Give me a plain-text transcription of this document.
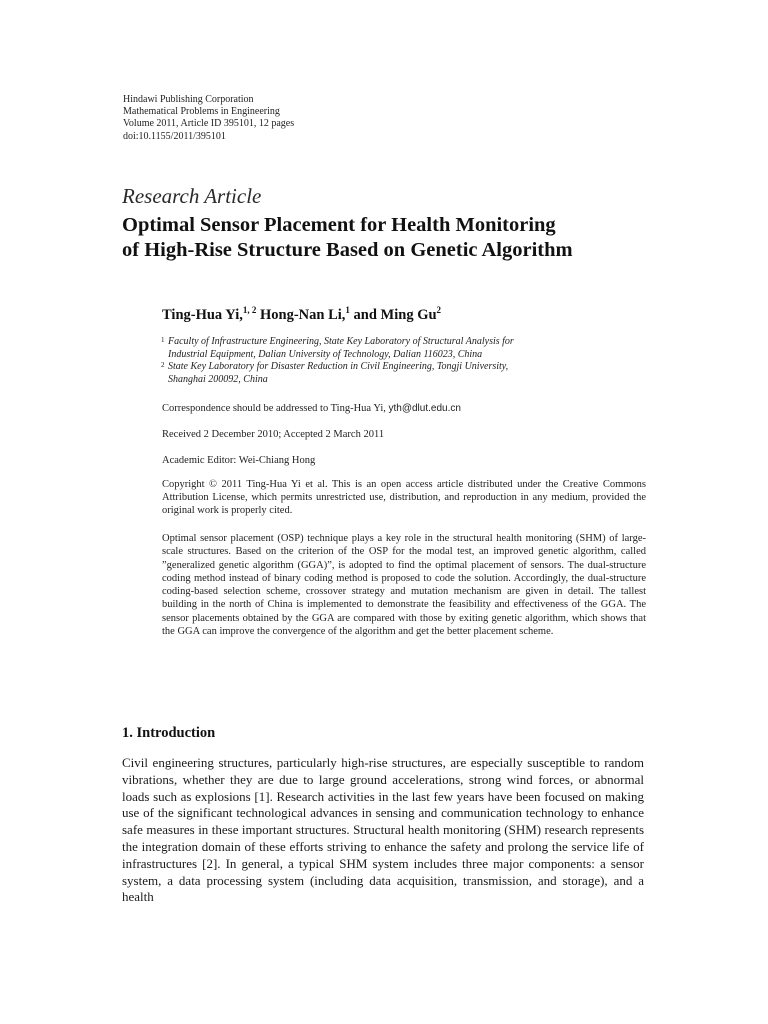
Hindawi Publishing Corporation
Mathematical Problems in Engineering
Volume 2011, Article ID 395101, 12 pages
doi:10.1155/2011/395101
Research Article
Optimal Sensor Placement for Health Monitoring
of High-Rise Structure Based on Genetic Algorithm
Ting-Hua Yi,$^{1, 2}$ Hong-Nan Li,$^1$ and Ming Gu$^2$
1 Faculty of Infrastructure Engineering, State Key Laboratory of Structural Analysis for
Industrial Equipment, Dalian University of Technology, Dalian 116023, China
2 State Key Laboratory for Disaster Reduction in Civil Engineering, Tongji University,
Shanghai 200092, China
Correspondence should be addressed to Ting-Hua Yi, yth@dlut.edu.cn
Received 2 December 2010; Accepted 2 March 2011
Academic Editor: Wei-Chiang Hong
Copyright © 2011 Ting-Hua Yi et al. This is an open access article distributed under the Creative Commons Attribution License, which permits unrestricted use, distribution, and reproduction in any medium, provided the original work is properly cited.
Optimal sensor placement (OSP) technique plays a key role in the structural health monitoring (SHM) of large-scale structures. Based on the criterion of the OSP for the modal test, an improved genetic algorithm, called ”generalized genetic algorithm (GGA)”, is adopted to find the optimal placement of sensors. The dual-structure coding method instead of binary coding method is proposed to code the solution. Accordingly, the dual-structure coding-based selection scheme, crossover strategy and mutation mechanism are given in detail. The tallest building in the north of China is implemented to demonstrate the feasibility and effectiveness of the GGA. The sensor placements obtained by the GGA are compared with those by exiting genetic algorithm, which shows that the GGA can improve the convergence of the algorithm and get the better placement scheme.
1. Introduction
Civil engineering structures, particularly high-rise structures, are especially susceptible to random vibrations, whether they are due to large ground accelerations, strong wind forces, or abnormal loads such as explosions [1]. Research activities in the last few years have been focused on making use of the significant technological advances in sensing and communication technology to enhance safe measures in these important structures. Structural health monitoring (SHM) research represents the integration domain of these efforts striving to enhance the safety and prolong the service life of infrastructures [2]. In general, a typical SHM system includes three major components: a sensor system, a data processing system (including data acquisition, transmission, and storage), and a health
